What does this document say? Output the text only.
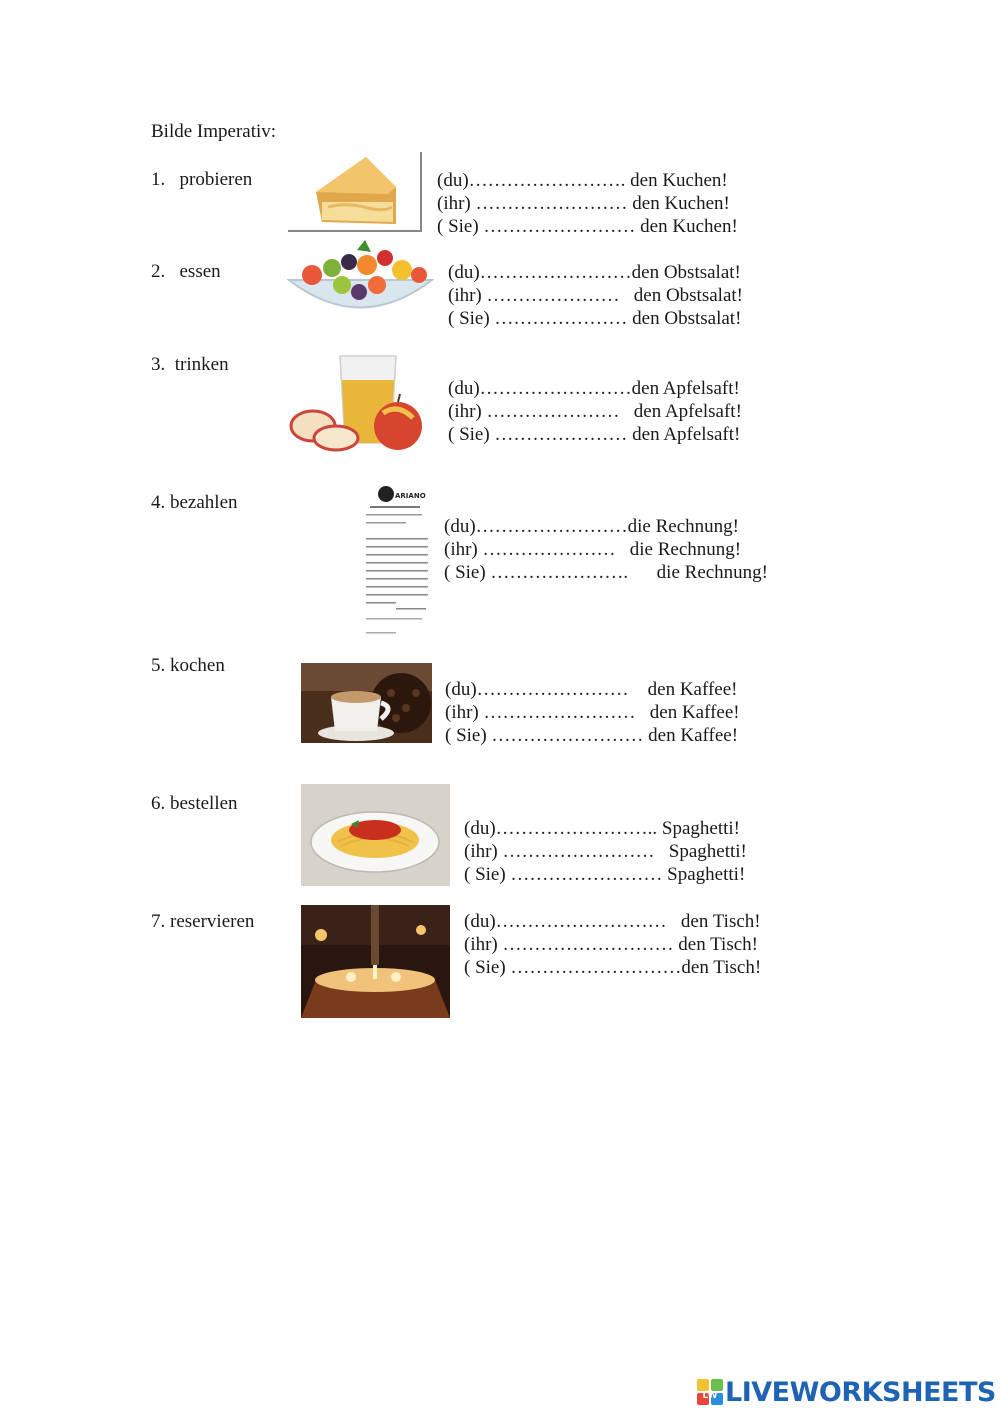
Bilde Imperativ:
1.   probieren	(du)……………………. den Kuchen!
(ihr) …………………… den Kuchen!
( Sie) …………………… den Kuchen!
2.   essen	(du)……………………den Obstsalat!
(ihr) …………………   den Obstsalat!
( Sie) ………………… den Obstsalat!
3.  trinken
(du)……………………den Apfelsaft!
(ihr) …………………   den Apfelsaft!
( Sie) ………………… den Apfelsaft!
4. bezahlen	ARIANO
(du)……………………die Rechnung!
(ihr) …………………   die Rechnung!
( Sie) ………………….      die Rechnung!
5. kochen
(du)……………………    den Kaffee!
(ihr) ……………………   den Kaffee!
( Sie) …………………… den Kaffee!
6. bestellen
(du)…………………….. Spaghetti!
(ihr) ……………………   Spaghetti!
( Sie) …………………… Spaghetti!
7. reservieren	(du)………………………   den Tisch!
(ihr) ……………………… den Tisch!
( Sie) ………………………den Tisch!
LW LIVEWORKSHEETS
